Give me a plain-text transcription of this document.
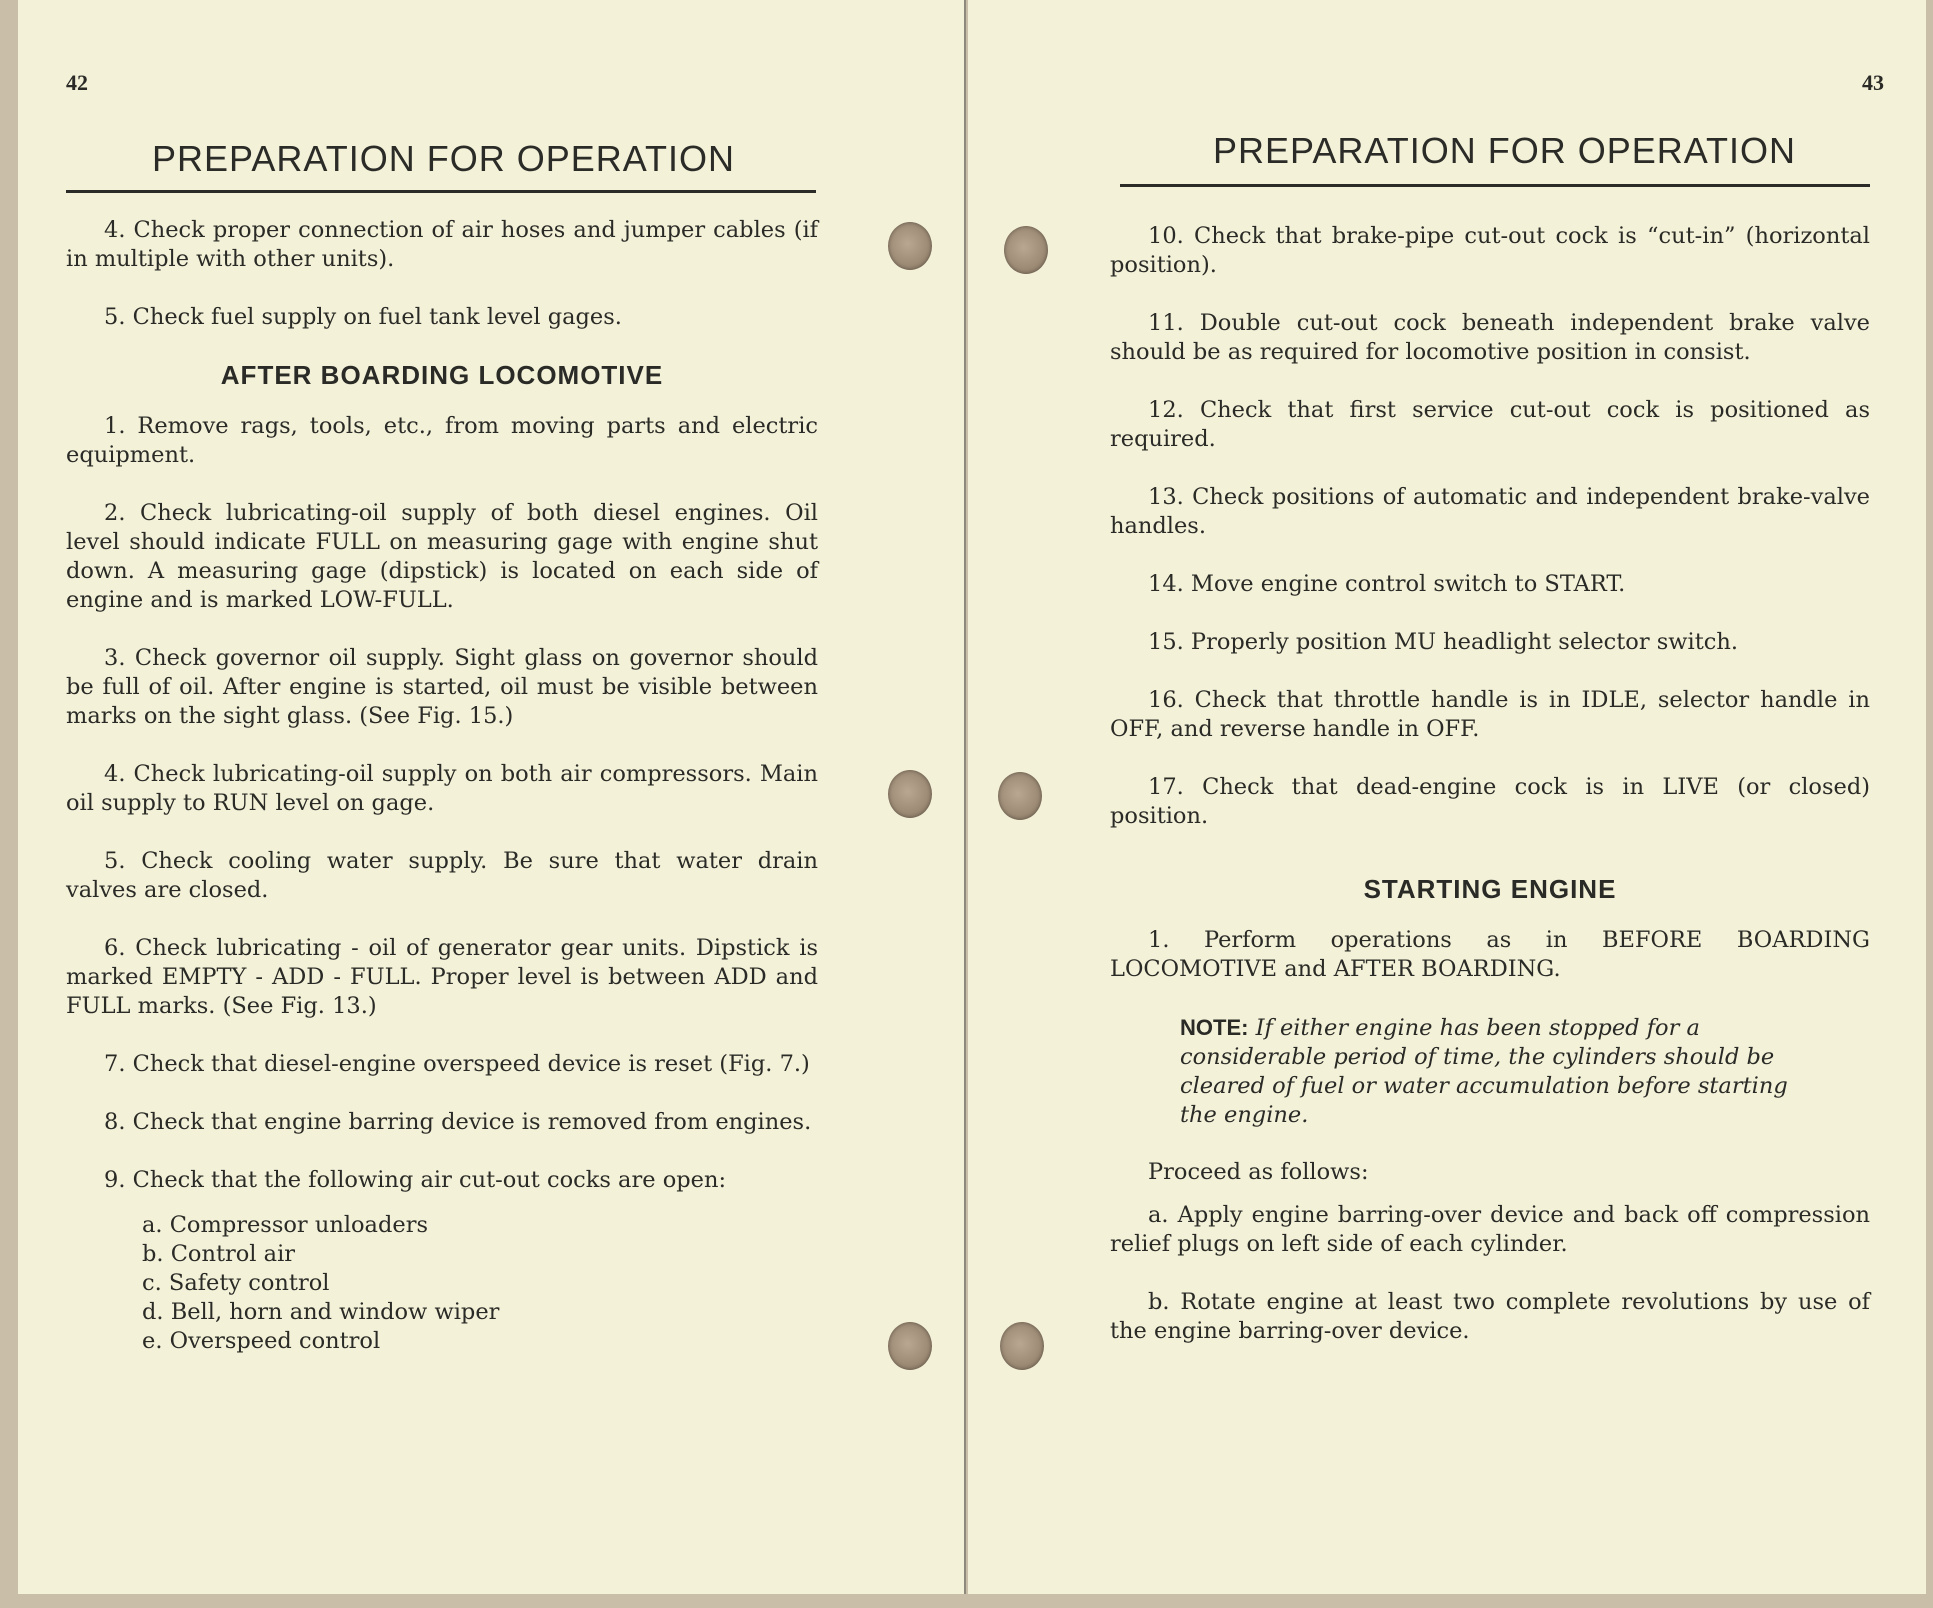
42
PREPARATION FOR OPERATION

4. Check proper connection of air hoses and jumper cables (if in multiple with other units).

5. Check fuel supply on fuel tank level gages.

AFTER BOARDING LOCOMOTIVE

1. Remove rags, tools, etc., from moving parts and electric equipment.

2. Check lubricating-oil supply of both diesel engines. Oil level should indicate FULL on measuring gage with engine shut down. A measuring gage (dipstick) is located on each side of engine and is marked LOW-FULL.

3. Check governor oil supply. Sight glass on governor should be full of oil. After engine is started, oil must be visible between marks on the sight glass. (See Fig. 15.)

4. Check lubricating-oil supply on both air compressors. Main oil supply to RUN level on gage.

5. Check cooling water supply. Be sure that water drain valves are closed.

6. Check lubricating - oil of generator gear units. Dipstick is marked EMPTY - ADD - FULL. Proper level is between ADD and FULL marks. (See Fig. 13.)

7. Check that diesel-engine overspeed device is reset (Fig. 7.)

8. Check that engine barring device is removed from engines.

9. Check that the following air cut-out cocks are open:

a. Compressor unloaders
b. Control air
c. Safety control
d. Bell, horn and window wiper
e. Overspeed control
43
PREPARATION FOR OPERATION

10. Check that brake-pipe cut-out cock is “cut-in” (horizontal position).

11. Double cut-out cock beneath independent brake valve should be as required for locomotive position in consist.

12. Check that first service cut-out cock is positioned as required.

13. Check positions of automatic and independent brake-valve handles.

14. Move engine control switch to START.

15. Properly position MU headlight selector switch.

16. Check that throttle handle is in IDLE, selector handle in OFF, and reverse handle in OFF.

17. Check that dead-engine cock is in LIVE (or closed) position.

STARTING ENGINE

1. Perform operations as in BEFORE BOARDING LOCOMOTIVE and AFTER BOARDING.

NOTE: If either engine has been stopped for a considerable period of time, the cylinders should be cleared of fuel or water accumulation before starting the engine.

Proceed as follows:

a. Apply engine barring-over device and back off compression relief plugs on left side of each cylinder.

b. Rotate engine at least two complete revolutions by use of the engine barring-over device.
